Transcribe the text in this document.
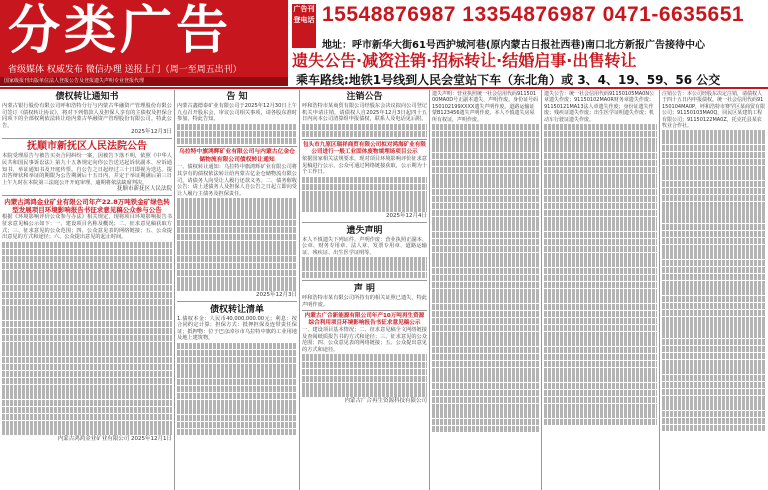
分类广告
省级媒体 权威发布 微信办理 送报上门（周一至周五出刊）
国家级报刊出版单位法人登报公告及登报遗失声明专业登报代理
广告刊登电话 15548876987 13354876987 0471-6635651
地址：呼市新华大街61号西护城河巷(原内蒙古日报社西巷)南口北方新报广告接待中心
遗失公告·减资注销·招标转让·结婚启事·出售转让
乘车路线:地铁1号线到人民会堂站下车（东北角）或 3、4、19、59、56 公交
债权转让通知书
内蒙古银行股份有限公司呼和浩特分行与内蒙古华融资产管理股份有限公司签订《债权转让协议》，将对下列借款人及担保人享有的主债权及担保合同项下的全部权利依法转让给内蒙古华融资产管理股份有限公司。特此公告。
2025年12月3日
抚顺市新抚区人民法院公告
本院受理原告与被告买卖合同纠纷一案，因被告下落不明，依照《中华人民共和国民事诉讼法》第九十五条规定向你公告送达起诉状副本、应诉通知书、举证通知书及开庭传票。自公告之日起经过三十日即视为送达。提出答辩状和举证的期限为公告期满后十五日内，并定于举证期满后第三日上午九时在本院第三法庭公开开庭审理，逾期将依法缺席判决。
抚顺市新抚区人民法院
内蒙古鸿鸿金业矿业有限公司年产22.8万吨铁金矿绿色转型发展项目环境影响报告书征求意见稿公众参与公告
根据《环境影响评价公众参与办法》相关规定，现将项目环境影响报告书征求意见稿公示如下：一、建设项目名称及概况；二、征求意见稿获取方式；三、征求意见的公众范围；四、公众意见表的网络链接；五、公众提出意见的方式和途径；六、公众提出意见的起止时间。
内蒙古鸿鸿金业矿业有限公司 2025年12月1日
告 知
内蒙古鑫德泰矿业有限公司于2025年12月30日上午九点召开股东会，审议公司相关事项，请各股东准时参加，特此告知。
乌拉特中旗鸿辉矿业有限公司与内蒙古亿金仓储物流有限公司债权转让通知
一、债权转让通知：乌拉特中旗鸿辉矿业有限公司将其享有的债权依法转让给内蒙古亿金仓储物流有限公司，请债务人向受让人履行还款义务。二、债务催收公告：请上述债务人及担保人自公告之日起立即向受让人履行主债务及担保责任。
2025年12月3日
债权转让清单
1.债权本金：人民币40,000,000.00元；利息：按合同约定计算；担保方式：抵押担保及连带责任保证；抵押物：位于巴彦淖尔市乌拉特中旗的工业用地及地上建筑物。
注销公告
呼和浩特市某商贸有限公司经股东会决议拟向公司登记机关申请注销，请债权人自2025年12月3日起四十五日内向本公司清算组申报债权，联系人及电话见后附。
包头市九原区瑞祥商贸有限公司拟对鸿海矿业有限公司进行一般工业固体废物填埋场项目公示
依据国家相关法规要求，现对项目环境影响评价征求意见稿进行公示，公众可通过网络链接获取，公示期为十个工作日。
2025年12月4日
遗失声明
本人不慎遗失下列证件，声明作废：营业执照正副本、公章、财务专用章、法人章、发票专用章、道路运输证、残疾证、出生医学证明等。
声 明
呼和浩特市某有限公司所持有的相关证照已遗失，特此声明作废。
内蒙古广合新能源有限公司年产10万吨再生资源综合利用项目环境影响报告书征求意见稿公示
一、建设项目基本情况；二、征求意见稿全文网络链接及查阅纸质报告书的方式和途径；三、征求意见的公众范围；四、公众意见表的网络链接；五、公众提出意见的方式和途径。
内蒙古广合再生资源科技有限公司
遗失声明：营业执照统一社会信用代码91150100MA0D号正副本遗失，声明作废。身份证号码150102199XXXX遗失声明作废。道路运输证蒙B123456遗失声明作废。本人不慎遗失房屋所有权证，声明作废。
遗失公告：统一社会信用代码91150105MA0N公章遗失作废；91150102MA0R财务章遗失作废；91150121MA13法人章遗失作废；身份证遗失作废；残疾证遗失作废；出生医学证明遗失作废；机动车行驶证遗失作废。
注销公告：本公司经股东决定注销，请债权人于四十五日内申报债权。统一社会信用代码91150104MA0P，呼和浩特市赛罕区某商贸有限公司；91150103MA0Q，回民区某建筑工程有限公司；91150122MA0Z，托克托县某农牧业合作社。
